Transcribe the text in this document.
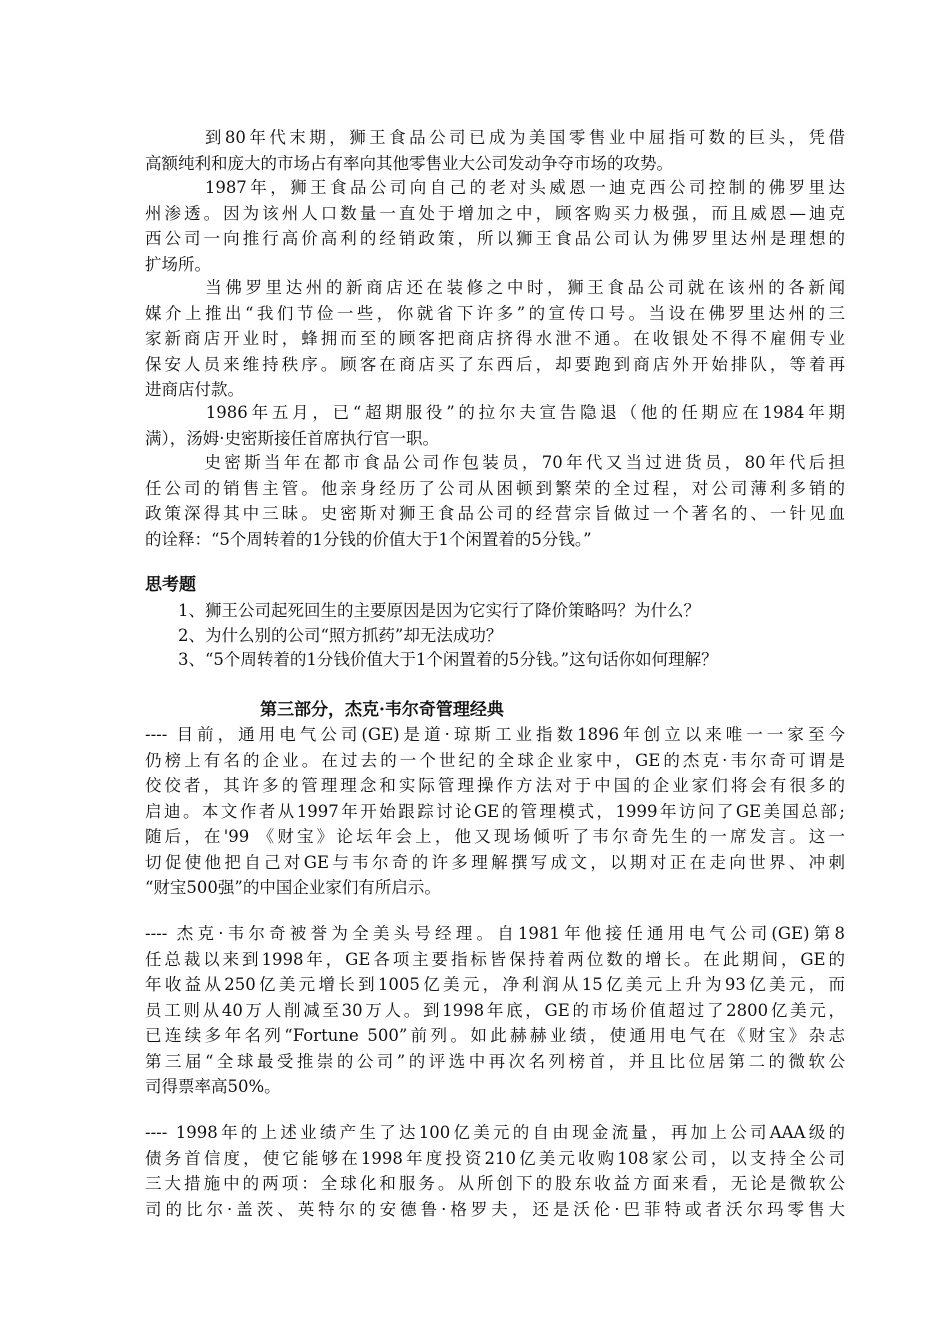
　　　到80年代末期，狮王食品公司已成为美国零售业中屈指可数的巨头，凭借
高额纯利和庞大的市场占有率向其他零售业大公司发动争夺市场的攻势。
　　　1987年，狮王食品公司向自己的老对头威恩一迪克西公司控制的佛罗里达
州渗透。因为该州人口数量一直处于增加之中，顾客购买力极强，而且威恩—迪克
西公司一向推行高价高利的经销政策，所以狮王食品公司认为佛罗里达州是理想的
扩场所。
　　　当佛罗里达州的新商店还在装修之中时，狮王食品公司就在该州的各新闻
媒介上推出“我们节俭一些，你就省下许多”的宣传口号。当设在佛罗里达州的三
家新商店开业时，蜂拥而至的顾客把商店挤得水泄不通。在收银处不得不雇佣专业
保安人员来维持秩序。顾客在商店买了东西后，却要跑到商店外开始排队，等着再
进商店付款。
　　　1986年五月，已“超期服役”的拉尔夫宣告隐退（他的任期应在1984年期
满），汤姆·史密斯接任首席执行官一职。
　　　史密斯当年在都市食品公司作包装员，70年代又当过进货员，80年代后担
任公司的销售主管。他亲身经历了公司从困顿到繁荣的全过程，对公司薄利多销的
政策深得其中三昧。史密斯对狮王食品公司的经营宗旨做过一个著名的、一针见血
的诠释：“5个周转着的1分钱的价值大于1个闲置着的5分钱。”
思考题
1、狮王公司起死回生的主要原因是因为它实行了降价策略吗？为什么？
2、为什么别的公司“照方抓药”却无法成功？
3、“5个周转着的1分钱价值大于1个闲置着的5分钱。”这句话你如何理解？
第三部分，杰克·韦尔奇管理经典
---- 目前，通用电气公司(GE)是道·琼斯工业指数1896年创立以来唯一一家至今
仍榜上有名的企业。在过去的一个世纪的全球企业家中，GE的杰克·韦尔奇可谓是
佼佼者，其许多的管理理念和实际管理操作方法对于中国的企业家们将会有很多的
启迪。本文作者从1997年开始跟踪讨论GE的管理模式，1999年访问了GE美国总部;
随后，在'99 《财宝》论坛年会上，他又现场倾听了韦尔奇先生的一席发言。这一
切促使他把自己对GE与韦尔奇的许多理解撰写成文，以期对正在走向世界、冲刺
“财宝500强”的中国企业家们有所启示。
---- 杰克·韦尔奇被誉为全美头号经理。自1981年他接任通用电气公司(GE)第8
任总裁以来到1998年，GE各项主要指标皆保持着两位数的增长。在此期间，GE的
年收益从250亿美元增长到1005亿美元，净利润从15亿美元上升为93亿美元，而
员工则从40万人削减至30万人。到1998年底，GE的市场价值超过了2800亿美元，
已连续多年名列“Fortune 500”前列。如此赫赫业绩，使通用电气在《财宝》杂志
第三届“全球最受推崇的公司”的评选中再次名列榜首，并且比位居第二的微软公
司得票率高50%。
---- 1998年的上述业绩产生了达100亿美元的自由现金流量，再加上公司AAA级的
债务首信度，使它能够在1998年度投资210亿美元收购108家公司，以支持全公司
三大措施中的两项：全球化和服务。从所创下的股东收益方面来看，无论是微软公
司的比尔·盖茨、英特尔的安德鲁·格罗夫，还是沃伦·巴菲特或者沃尔玛零售大
